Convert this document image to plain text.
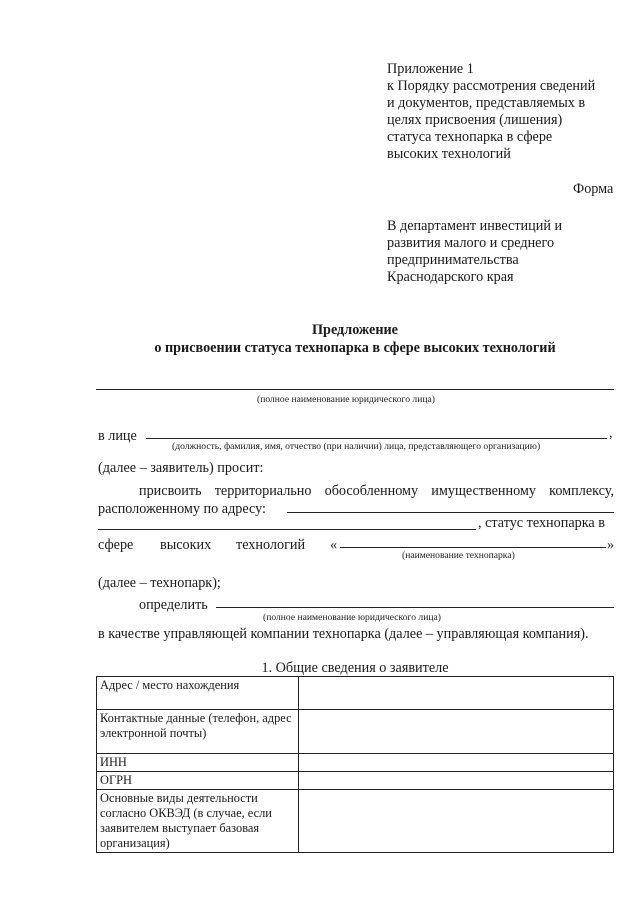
Приложение 1
к Порядку рассмотрения сведений
и документов, представляемых в
целях присвоения (лишения)
статуса технопарка в сфере
высоких технологий
Форма
В департамент инвестиций и
развития малого и среднего
предпринимательства
Краснодарского края
Предложение
о присвоении статуса технопарка в сфере высоких технологий
(полное наименование юридического лица)
в лице	,
(должность, фамилия, имя, отчество (при наличии) лица, представляющего организацию)
(далее – заявитель) просит:
присвоить территориально обособленному имущественному комплексу,
расположенному по адресу:
, статус технопарка в
сфере высоких технологий «	»
(наименование технопарка)
(далее – технопарк);
определить
(полное наименование юридического лица)
в качестве управляющей компании технопарка (далее – управляющая компания).
1. Общие сведения о заявителе
Адрес / место нахождения	
Контактные данные (телефон, адрес электронной почты)	
ИНН	
ОГРН	
Основные виды деятельности согласно ОКВЭД (в случае, если заявителем выступает базовая организация)	
